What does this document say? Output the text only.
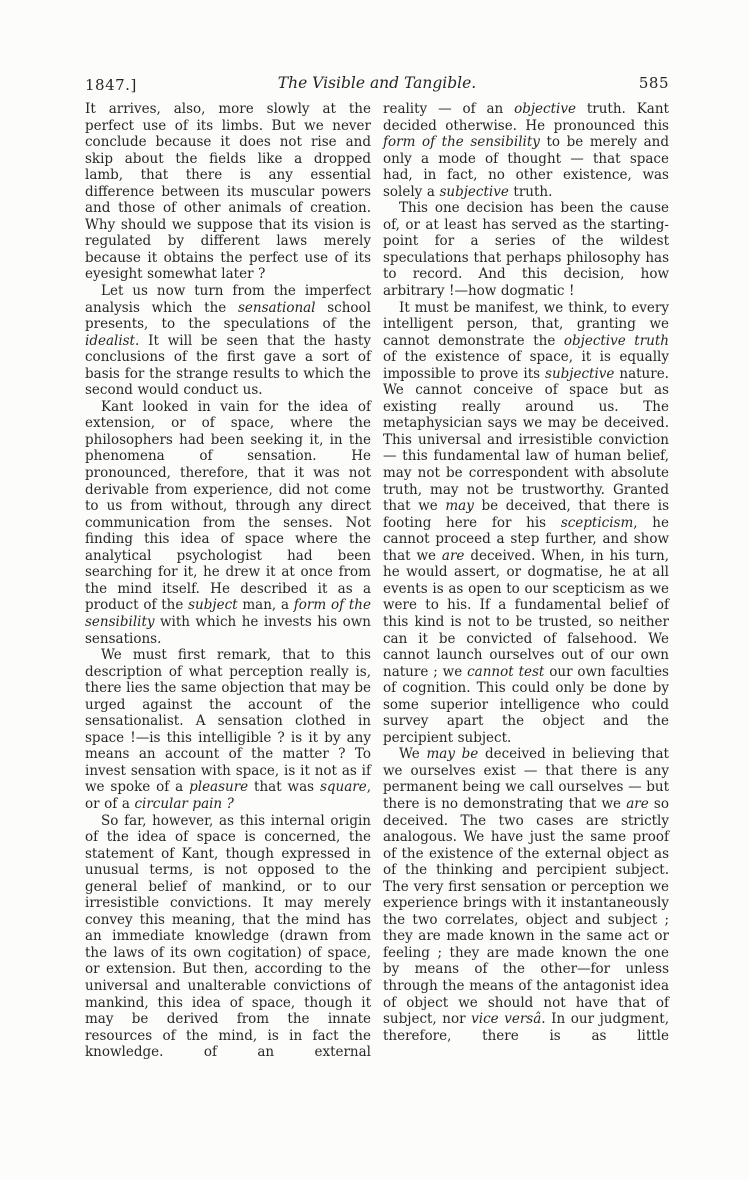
1847.]	The Visible and Tangible.	585

It arrives, also, more slowly at the perfect use of its limbs. But we never conclude because it does not rise and skip about the fields like a dropped lamb, that there is any essential difference between its muscular powers and those of other animals of creation. Why should we suppose that its vision is regulated by different laws merely because it obtains the perfect use of its eyesight somewhat later ?

Let us now turn from the imperfect analysis which the sensational school presents, to the speculations of the idealist. It will be seen that the hasty conclusions of the first gave a sort of basis for the strange results to which the second would conduct us.

Kant looked in vain for the idea of extension, or of space, where the philosophers had been seeking it, in the phenomena of sensation. He pronounced, therefore, that it was not derivable from experience, did not come to us from without, through any direct communication from the senses. Not finding this idea of space where the analytical psychologist had been searching for it, he drew it at once from the mind itself. He described it as a product of the subject man, a form of the sensibility with which he invests his own sensations.

We must first remark, that to this description of what perception really is, there lies the same objection that may be urged against the account of the sensationalist. A sensation clothed in space !—is this intelligible ? is it by any means an account of the matter ? To invest sensation with space, is it not as if we spoke of a pleasure that was square, or of a circular pain ?

So far, however, as this internal origin of the idea of space is concerned, the statement of Kant, though expressed in unusual terms, is not opposed to the general belief of mankind, or to our irresistible convictions. It may merely convey this meaning, that the mind has an immediate knowledge (drawn from the laws of its own cogitation) of space, or extension. But then, according to the universal and unalterable convictions of mankind, this idea of space, though it may be derived from the innate resources of the mind, is in fact the knowledge. of an external

reality — of an objective truth. Kant decided otherwise. He pronounced this form of the sensibility to be merely and only a mode of thought — that space had, in fact, no other existence, was solely a subjective truth.

This one decision has been the cause of, or at least has served as the starting-point for a series of the wildest speculations that perhaps philosophy has to record. And this decision, how arbitrary !—how dogmatic !

It must be manifest, we think, to every intelligent person, that, granting we cannot demonstrate the objective truth of the existence of space, it is equally impossible to prove its subjective nature. We cannot conceive of space but as existing really around us. The metaphysician says we may be deceived. This universal and irresistible conviction — this fundamental law of human belief, may not be correspondent with absolute truth, may not be trustworthy. Granted that we may be deceived, that there is footing here for his scepticism, he cannot proceed a step further, and show that we are deceived. When, in his turn, he would assert, or dogmatise, he at all events is as open to our scepticism as we were to his. If a fundamental belief of this kind is not to be trusted, so neither can it be convicted of falsehood. We cannot launch ourselves out of our own nature ; we cannot test our own faculties of cognition. This could only be done by some superior intelligence who could survey apart the object and the percipient subject.

We may be deceived in believing that we ourselves exist — that there is any permanent being we call ourselves — but there is no demonstrating that we are so deceived. The two cases are strictly analogous. We have just the same proof of the existence of the external object as of the thinking and percipient subject. The very first sensation or perception we experience brings with it instantaneously the two correlates, object and subject ; they are made known in the same act or feeling ; they are made known the one by means of the other—for unless through the means of the antagonist idea of object we should not have that of subject, nor vice versâ. In our judgment, therefore, there is as little
